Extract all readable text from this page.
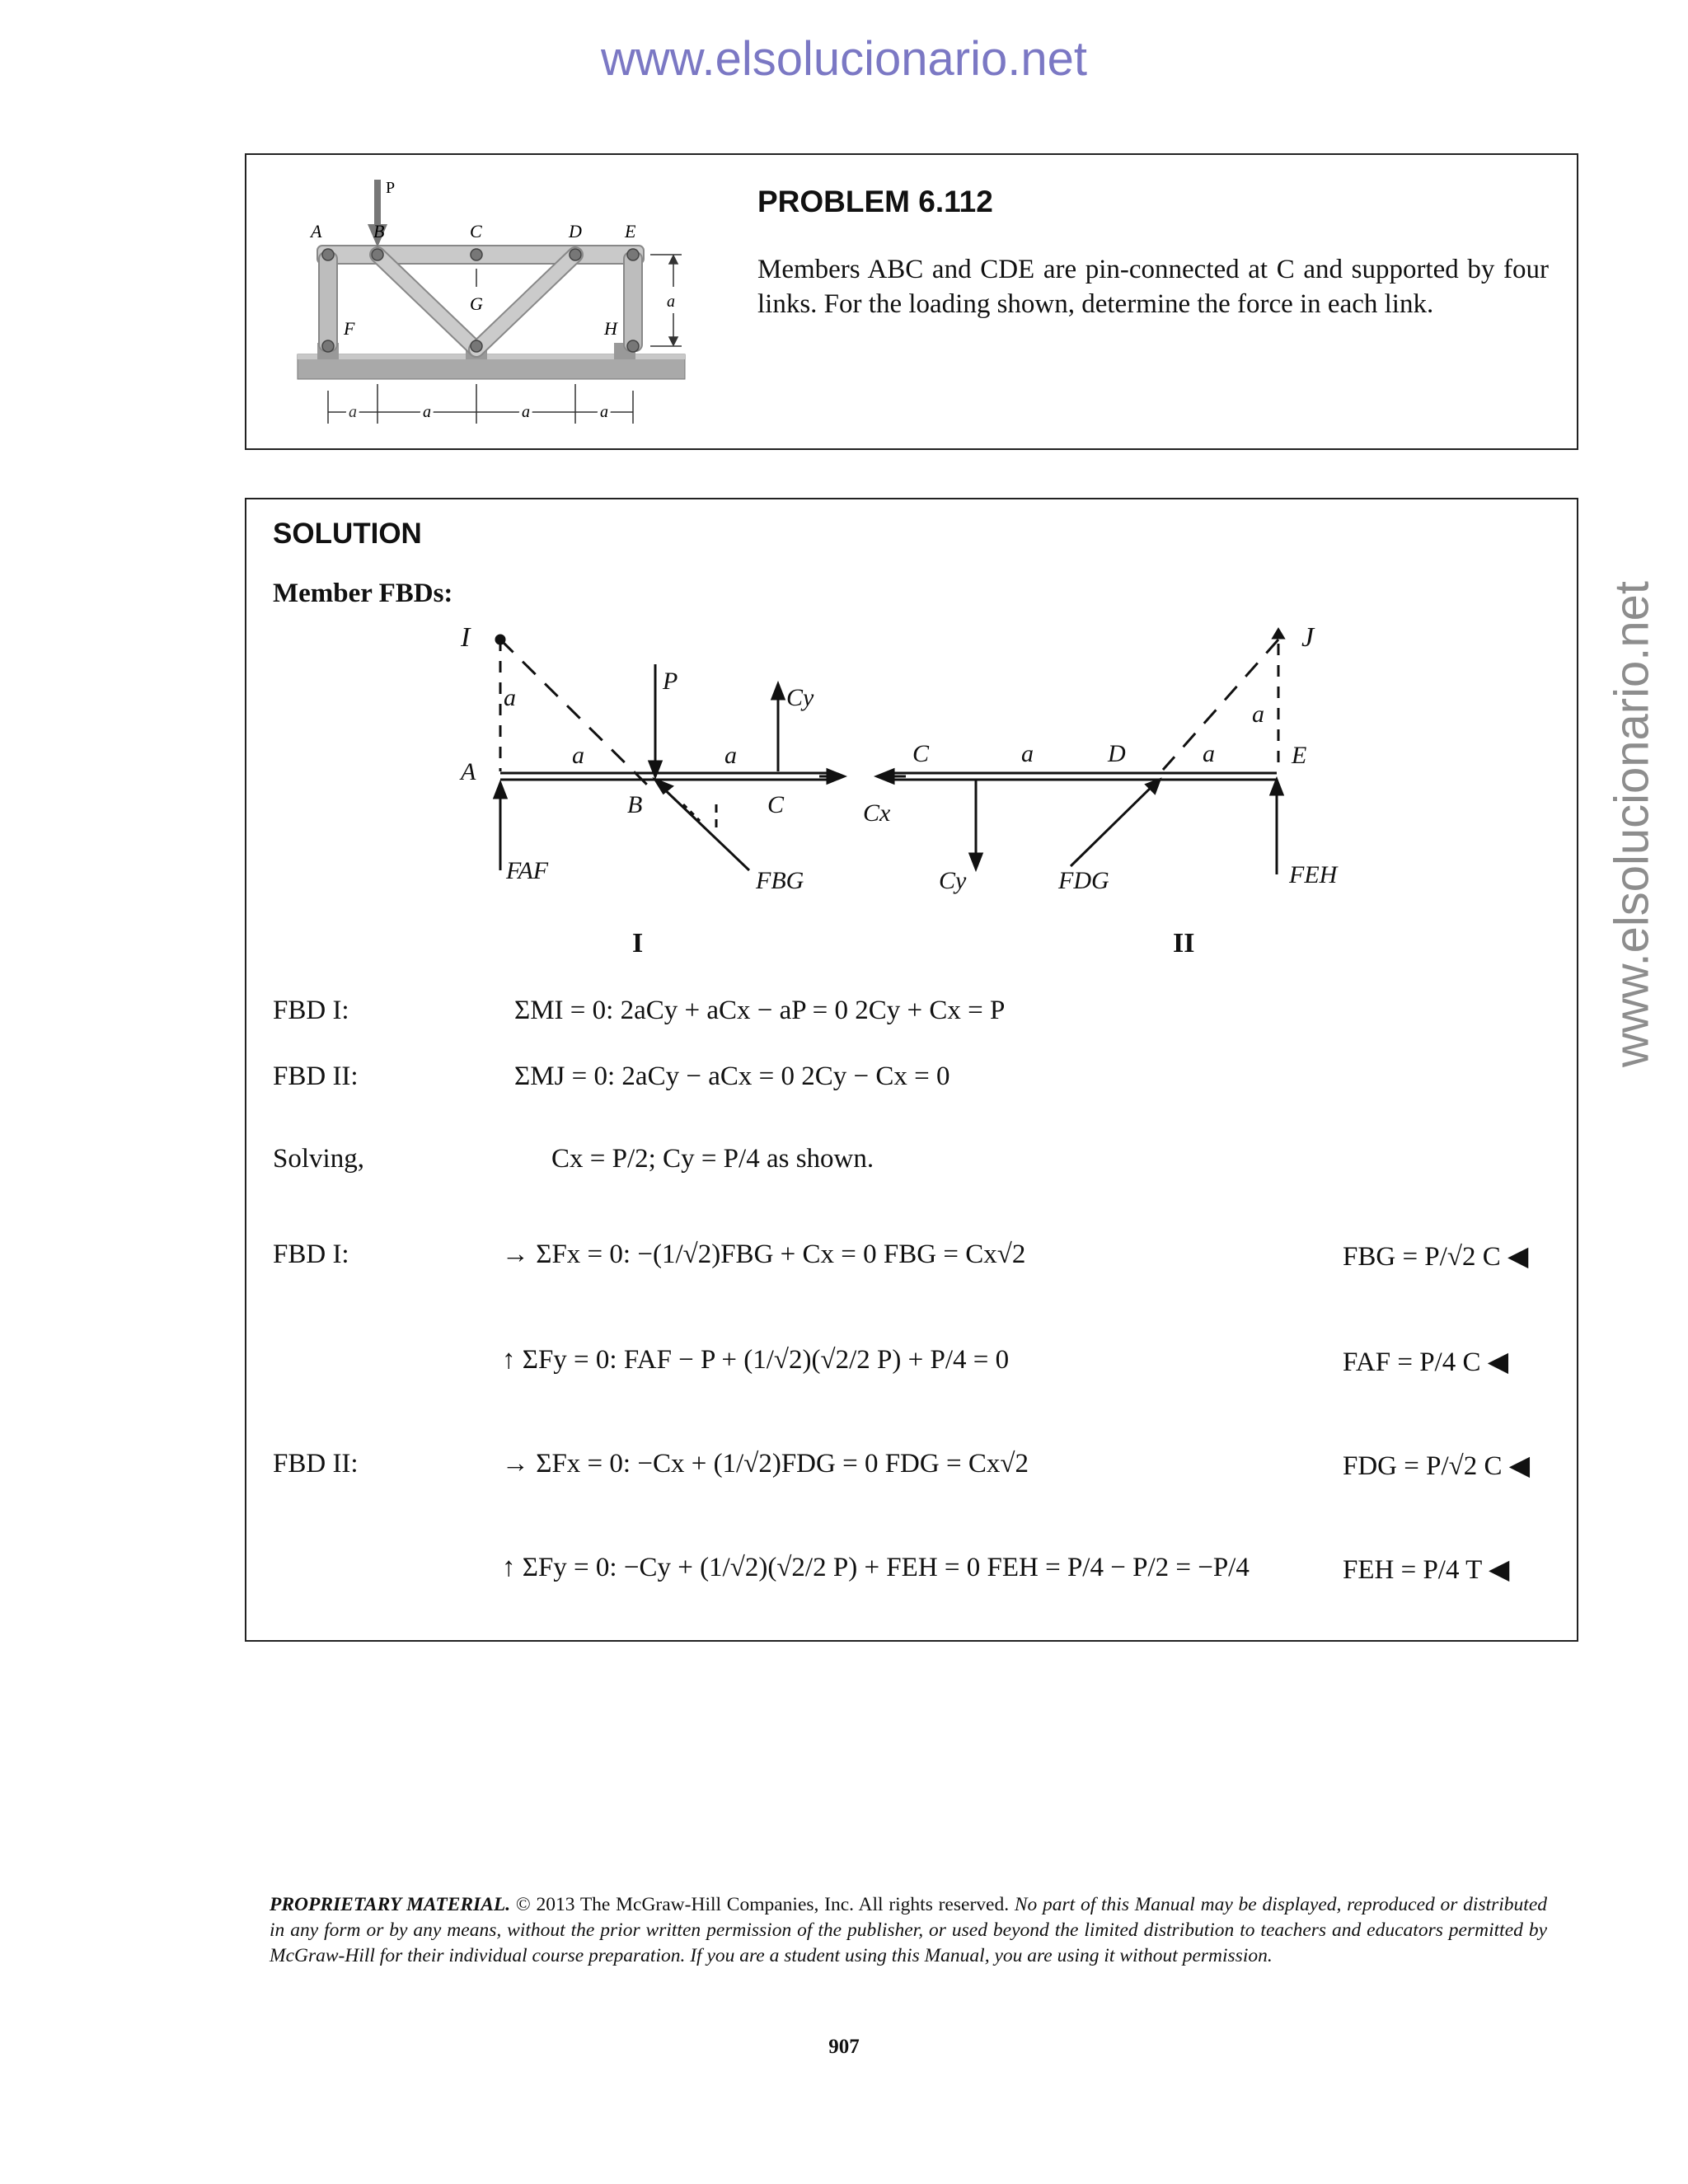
www.elsolucionario.net
www.elsolucionario.net
P
A	B	C	D E
F
G
H
a
a	a	a	a
PROBLEM 6.112
Members ABC and CDE are pin-connected at C and supported by four links. For the loading shown, determine the force in each link.
SOLUTION
Member FBDs:
I
a
A
a	a
B	C
P
Cy
Cx
FAF	FBG
C	a	D	a	E
a
J
Cy	FDG	FEH
I	II
FBD I:	ΣMI = 0: 2aCy + aCx − aP = 0 2Cy + Cx = P
FBD II:	ΣMJ = 0: 2aCy − aCx = 0 2Cy − Cx = 0
Solving,	Cx = P/2; Cy = P/4 as shown.
FBD I:	→ ΣFx = 0: −(1/√2)FBG + Cx = 0 FBG = Cx√2	FBG = P/√2 C ◀
↑ ΣFy = 0: FAF − P + (1/√2)(√2/2 P) + P/4 = 0	FAF = P/4 C ◀
FBD II:	→ ΣFx = 0: −Cx + (1/√2)FDG = 0 FDG = Cx√2	FDG = P/√2 C ◀
↑ ΣFy = 0: −Cy + (1/√2)(√2/2 P) + FEH = 0 FEH = P/4 − P/2 = −P/4	FEH = P/4 T ◀
PROPRIETARY MATERIAL. © 2013 The McGraw-Hill Companies, Inc. All rights reserved. No part of this Manual may be displayed, reproduced or distributed in any form or by any means, without the prior written permission of the publisher, or used beyond the limited distribution to teachers and educators permitted by McGraw-Hill for their individual course preparation. If you are a student using this Manual, you are using it without permission.
907
